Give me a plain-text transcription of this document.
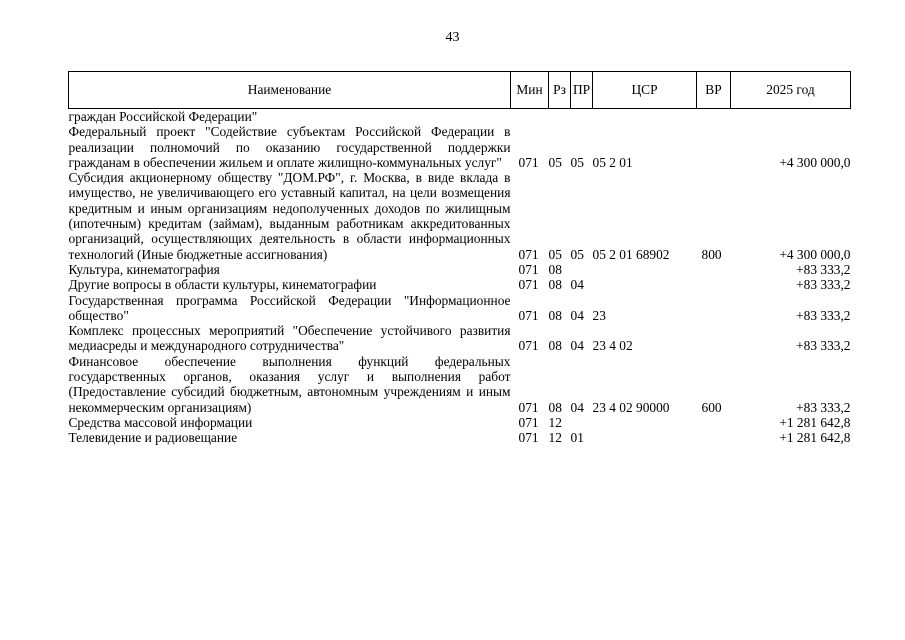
43
Наименование	Мин	Рз	ПР	ЦСР	ВР	2025 год

граждан Российской Федерации"						

Федеральный проект "Содействие субъектам Российской Федерации в реализации полномочий по оказанию государственной поддержки гражданам в обеспечении жильем и оплате жилищно-коммунальных услуг"	071	05	05	05 2 01		+4 300 000,0

Субсидия акционерному обществу "ДОМ.РФ", г. Москва, в виде вклада в имущество, не увеличивающего его уставный капитал, на цели возмещения кредитным и иным организациям недополученных доходов по жилищным (ипотечным) кредитам (займам), выданным работникам аккредитованных организаций, осуществляющих деятельность в области информационных технологий (Иные бюджетные ассигнования)	071	05	05	05 2 01 68902	800	+4 300 000,0

Культура, кинематография	071	08				+83 333,2

Другие вопросы в области культуры, кинематографии	071	08	04			+83 333,2

Государственная программа Российской Федерации "Информационное общество"	071	08	04	23		+83 333,2

Комплекс процессных мероприятий "Обеспечение устойчивого развития медиасреды и международного сотрудничества"	071	08	04	23 4 02		+83 333,2

Финансовое обеспечение выполнения функций федеральных государственных органов, оказания услуг и выполнения работ (Предоставление субсидий бюджетным, автономным учреждениям и иным некоммерческим организациям)	071	08	04	23 4 02 90000	600	+83 333,2

Средства массовой информации	071	12				+1 281 642,8

Телевидение и радиовещание	071	12	01			+1 281 642,8
